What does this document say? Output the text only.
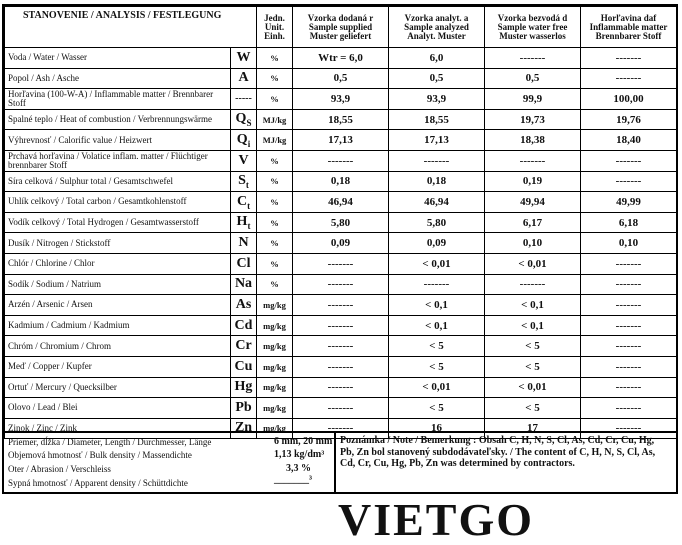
STANOVENIE / ANALYSIS / FESTLEGUNG		Jedn. Unit. Einh.	Vzorka dodaná r Sample supplied Muster geliefert	Vzorka analyt. a Sample analyzed Analyt. Muster	Vzorka bezvodá d Sample water free Muster wasserlos	Horľavina daf Inflammable matter Brennbarer Stoff
Voda / Water / Wasser	W	%	Wtr = 6,0	6,0	-------	-------
Popol / Ash / Asche	A	%	0,5	0,5	0,5	-------
Horľavina (100-W-A) / Inflammable matter / Brennbarer Stoff	-----	%	93,9	93,9	99,9	100,00
Spalné teplo / Heat of combustion / Verbrennungswärme	$Q_S$	MJ/kg	18,55	18,55	19,73	19,76
Výhrevnosť / Calorific value / Heizwert	$Q_i$	MJ/kg	17,13	17,13	18,38	18,40
Prchavá horľavina / Volatice inflam. matter / Flüchtiger brennbarer Stoff	V	%	-------	-------	-------	-------
Síra celková / Sulphur total / Gesamtschwefel	$S_t$	%	0,18	0,18	0,19	-------
Uhlík celkový / Total carbon / Gesamtkohlenstoff	$C_t$	%	46,94	46,94	49,94	49,99
Vodík celkový / Total Hydrogen / Gesamtwasserstoff	$H_t$	%	5,80	5,80	6,17	6,18
Dusík / Nitrogen / Stickstoff	N	%	0,09	0,09	0,10	0,10
Chlór / Chlorine / Chlor	Cl	%	-------	< 0,01	< 0,01	-------
Sodík / Sodium / Natrium	Na	%	-------	-------	-------	-------
Arzén / Arsenic / Arsen	As	mg/kg	-------	< 0,1	< 0,1	-------
Kadmium / Cadmium / Kadmium	Cd	mg/kg	-------	< 0,1	< 0,1	-------
Chróm / Chromium / Chrom	Cr	mg/kg	-------	< 5	< 5	-------
Meď / Copper / Kupfer	Cu	mg/kg	-------	< 5	< 5	-------
Ortuť / Mercury / Quecksilber	Hg	mg/kg	-------	< 0,01	< 0,01	-------
Olovo / Lead / Blei	Pb	mg/kg	-------	< 5	< 5	-------
Zinok / Zinc / Zink	Zn	mg/kg	-------	16	17	-------
Priemer, dĺžka / Diameter, Length / Durchmesser, Länge	6 mm, 20 mm
Objemová hmotnosť / Bulk density / Massendichte	1,13 kg/dm³
Oter / Abrasion / Verschleiss	3,3 %
Sypná hmotnosť / Apparent density / Schüttdichte	_______³
Poznámka / Note / Bemerkung : Obsah C, H, N, S, Cl, As, Cd, Cr, Cu, Hg, Pb, Zn bol stanovený subdodávateľsky. / The content of C, H, N, S, Cl, As, Cd, Cr, Cu, Hg, Pb, Zn was determined by contractors.
VIETGO
